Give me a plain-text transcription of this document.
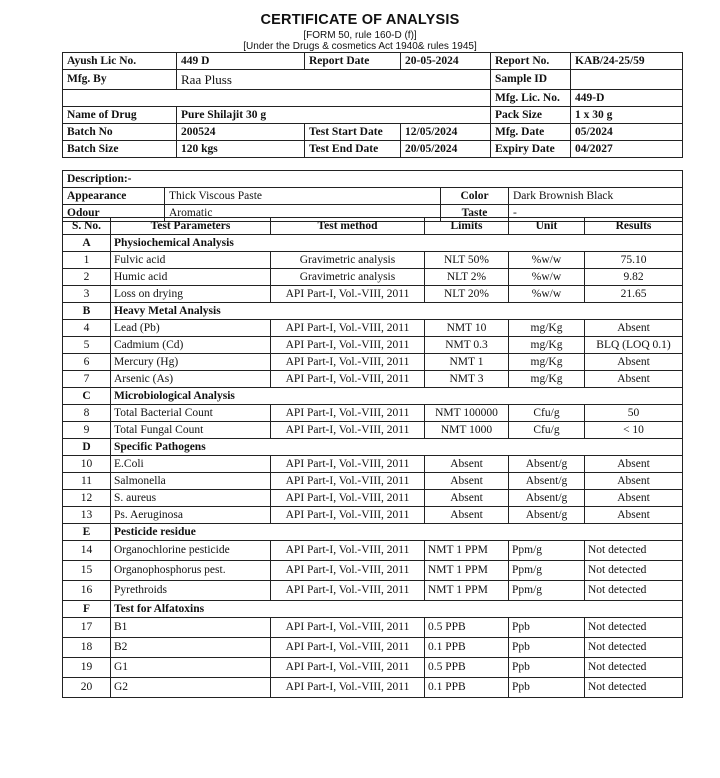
CERTIFICATE OF ANALYSIS
[FORM 50, rule 160-D (f)]
[Under the Drugs & cosmetics Act 1940& rules 1945]
Ayush Lic No.	449 D	Report Date	20-05-2024	Report No.	KAB/24-25/59
Mfg. By	Raa Pluss			Sample ID	
				Mfg. Lic. No.	449-D
Name of Drug	Pure Shilajit 30 g			Pack Size	1 x 30 g
Batch No	200524	Test Start Date	12/05/2024	Mfg. Date	05/2024
Batch Size	120 kgs	Test End Date	20/05/2024	Expiry Date	04/2027
Description:-			
Appearance	Thick Viscous Paste	Color	Dark Brownish Black
Odour	Aromatic	Taste	-
S. No.	Test Parameters	Test method	Limits	Unit	Results
A	Physiochemical Analysis				
1	Fulvic acid	Gravimetric analysis	NLT 50%	%w/w	75.10
2	Humic acid	Gravimetric analysis	NLT 2%	%w/w	9.82
3	Loss on drying	API Part-I, Vol.-VIII, 2011	NLT 20%	%w/w	21.65
B	Heavy Metal Analysis				
4	Lead (Pb)	API Part-I, Vol.-VIII, 2011	NMT 10	mg/Kg	Absent
5	Cadmium (Cd)	API Part-I, Vol.-VIII, 2011	NMT 0.3	mg/Kg	BLQ (LOQ 0.1)
6	Mercury (Hg)	API Part-I, Vol.-VIII, 2011	NMT 1	mg/Kg	Absent
7	Arsenic (As)	API Part-I, Vol.-VIII, 2011	NMT 3	mg/Kg	Absent
C	Microbiological Analysis				
8	Total Bacterial Count	API Part-I, Vol.-VIII, 2011	NMT 100000	Cfu/g	50
9	Total Fungal Count	API Part-I, Vol.-VIII, 2011	NMT 1000	Cfu/g	< 10
D	Specific Pathogens				
10	E.Coli	API Part-I, Vol.-VIII, 2011	Absent	Absent/g	Absent
11	Salmonella	API Part-I, Vol.-VIII, 2011	Absent	Absent/g	Absent
12	S. aureus	API Part-I, Vol.-VIII, 2011	Absent	Absent/g	Absent
13	Ps. Aeruginosa	API Part-I, Vol.-VIII, 2011	Absent	Absent/g	Absent
E	Pesticide residue				
14	Organochlorine pesticide	API Part-I, Vol.-VIII, 2011	NMT 1 PPM	Ppm/g	Not detected
15	Organophosphorus pest.	API Part-I, Vol.-VIII, 2011	NMT 1 PPM	Ppm/g	Not detected
16	Pyrethroids	API Part-I, Vol.-VIII, 2011	NMT 1 PPM	Ppm/g	Not detected
F	Test for Alfatoxins				
17	B1	API Part-I, Vol.-VIII, 2011	0.5 PPB	Ppb	Not detected
18	B2	API Part-I, Vol.-VIII, 2011	0.1 PPB	Ppb	Not detected
19	G1	API Part-I, Vol.-VIII, 2011	0.5 PPB	Ppb	Not detected
20	G2	API Part-I, Vol.-VIII, 2011	0.1 PPB	Ppb	Not detected
